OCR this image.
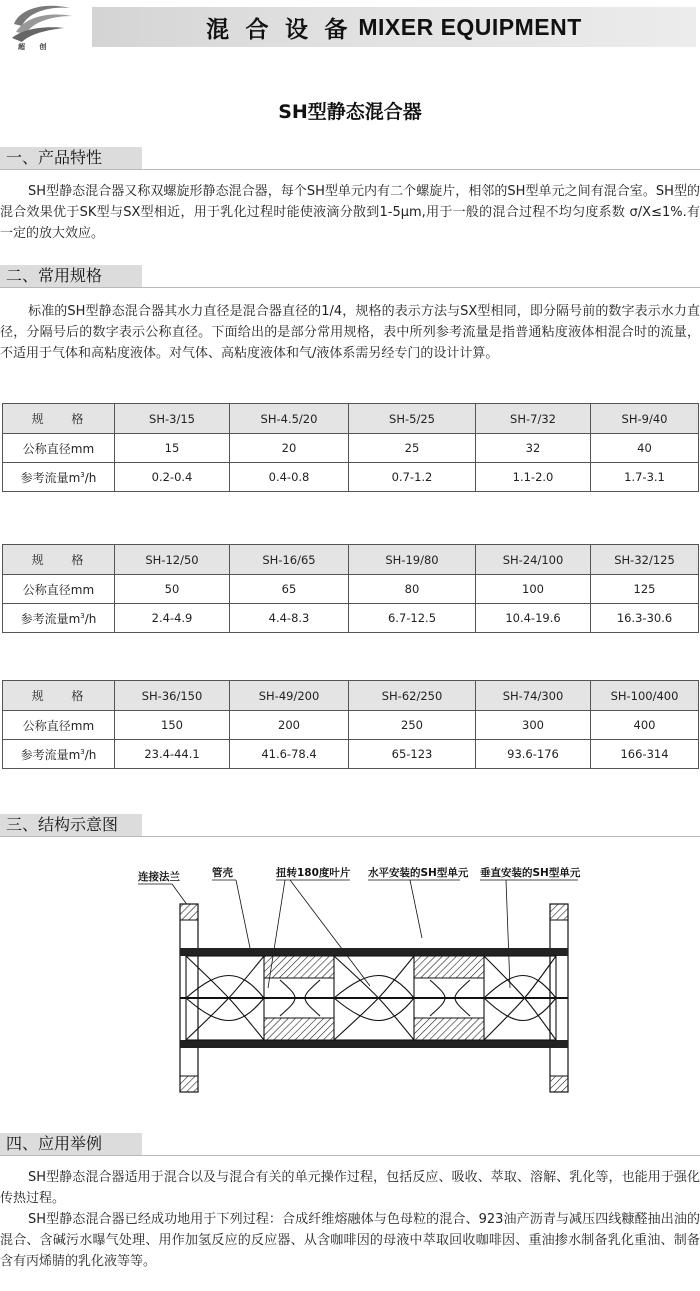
超 创
混 合 设 备 MIXER EQUIPMENT
SH型静态混合器
一、产品特性
SH型静态混合器又称双螺旋形静态混合器，每个SH型单元内有二个螺旋片，相邻的SH型单元之间有混合室。SH型的混合效果优于SK型与SX型相近，用于乳化过程时能使液滴分散到1-5μm,用于一般的混合过程不均匀度系数 σ/X≤1%.有一定的放大效应。
二、常用规格
标准的SH型静态混合器其水力直径是混合器直径的1/4，规格的表示方法与SX型相同，即分隔号前的数字表示水力直径，分隔号后的数字表示公称直径。下面给出的是部分常用规格，表中所列参考流量是指普通粘度液体相混合时的流量，不适用于气体和高粘度液体。对气体、高粘度液体和气/液体系需另经专门的设计计算。
规 格	SH-3/15	SH-4.5/20	SH-5/25	SH-7/32	SH-9/40
公称直径mm	15	20	25	32	40
参考流量$m^3/h$	0.2-0.4	0.4-0.8	0.7-1.2	1.1-2.0	1.7-3.1
规 格	SH-12/50	SH-16/65	SH-19/80	SH-24/100	SH-32/125
公称直径mm	50	65	80	100	125
参考流量$m^3/h$	2.4-4.9	4.4-8.3	6.7-12.5	10.4-19.6	16.3-30.6
规 格	SH-36/150	SH-49/200	SH-62/250	SH-74/300	SH-100/400
公称直径mm	150	200	250	300	400
参考流量$m^3/h$	23.4-44.1	41.6-78.4	65-123	93.6-176	166-314
三、结构示意图
连接法兰	管壳	扭转180度叶片 水平安装的SH型单元 垂直安装的SH型单元
四、应用举例
SH型静态混合器适用于混合以及与混合有关的单元操作过程，包括反应、吸收、萃取、溶解、乳化等，也能用于强化传热过程。
SH型静态混合器已经成功地用于下列过程：合成纤维熔融体与色母粒的混合、923油产沥青与减压四线糠醛抽出油的混合、含碱污水曝气处理、用作加氢反应的反应器、从含咖啡因的母液中萃取回收咖啡因、重油掺水制备乳化重油、制备含有丙烯腈的乳化液等等。
